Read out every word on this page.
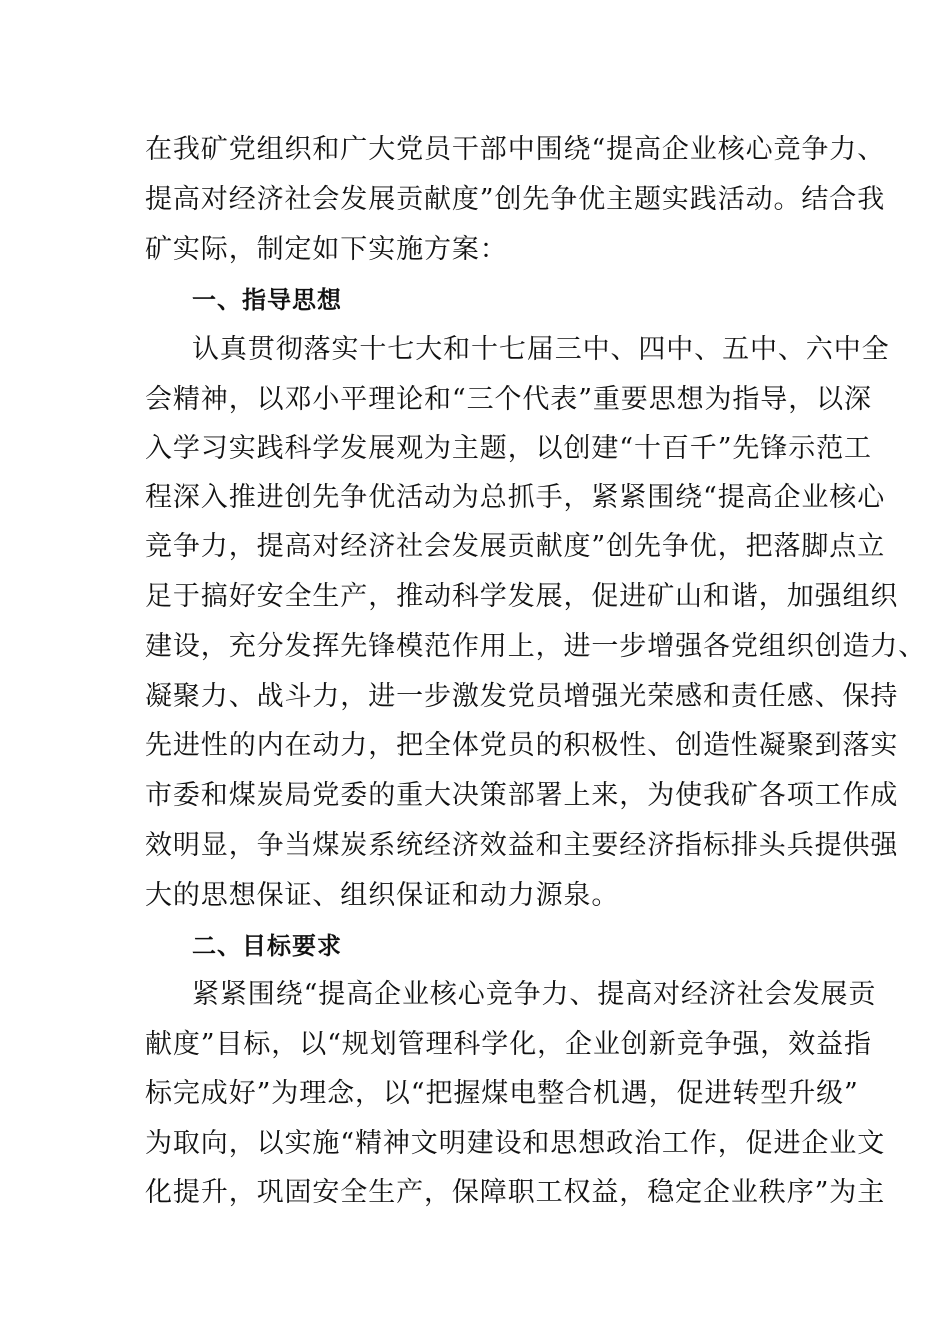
在我矿党组织和广大党员干部中围绕“提高企业核心竞争力、
提高对经济社会发展贡献度”创先争优主题实践活动。结合我
矿实际，制定如下实施方案：
一、指导思想
认真贯彻落实十七大和十七届三中、四中、五中、六中全
会精神，以邓小平理论和“三个代表”重要思想为指导，以深
入学习实践科学发展观为主题，以创建“十百千”先锋示范工
程深入推进创先争优活动为总抓手，紧紧围绕“提高企业核心
竞争力，提高对经济社会发展贡献度”创先争优，把落脚点立
足于搞好安全生产，推动科学发展，促进矿山和谐，加强组织
建设，充分发挥先锋模范作用上，进一步增强各党组织创造力、
凝聚力、战斗力，进一步激发党员增强光荣感和责任感、保持
先进性的内在动力，把全体党员的积极性、创造性凝聚到落实
市委和煤炭局党委的重大决策部署上来，为使我矿各项工作成
效明显，争当煤炭系统经济效益和主要经济指标排头兵提供强
大的思想保证、组织保证和动力源泉。
二、目标要求
紧紧围绕“提高企业核心竞争力、提高对经济社会发展贡
献度”目标，以“规划管理科学化，企业创新竞争强，效益指
标完成好”为理念，以“把握煤电整合机遇，促进转型升级”
为取向，以实施“精神文明建设和思想政治工作，促进企业文
化提升，巩固安全生产，保障职工权益，稳定企业秩序”为主
